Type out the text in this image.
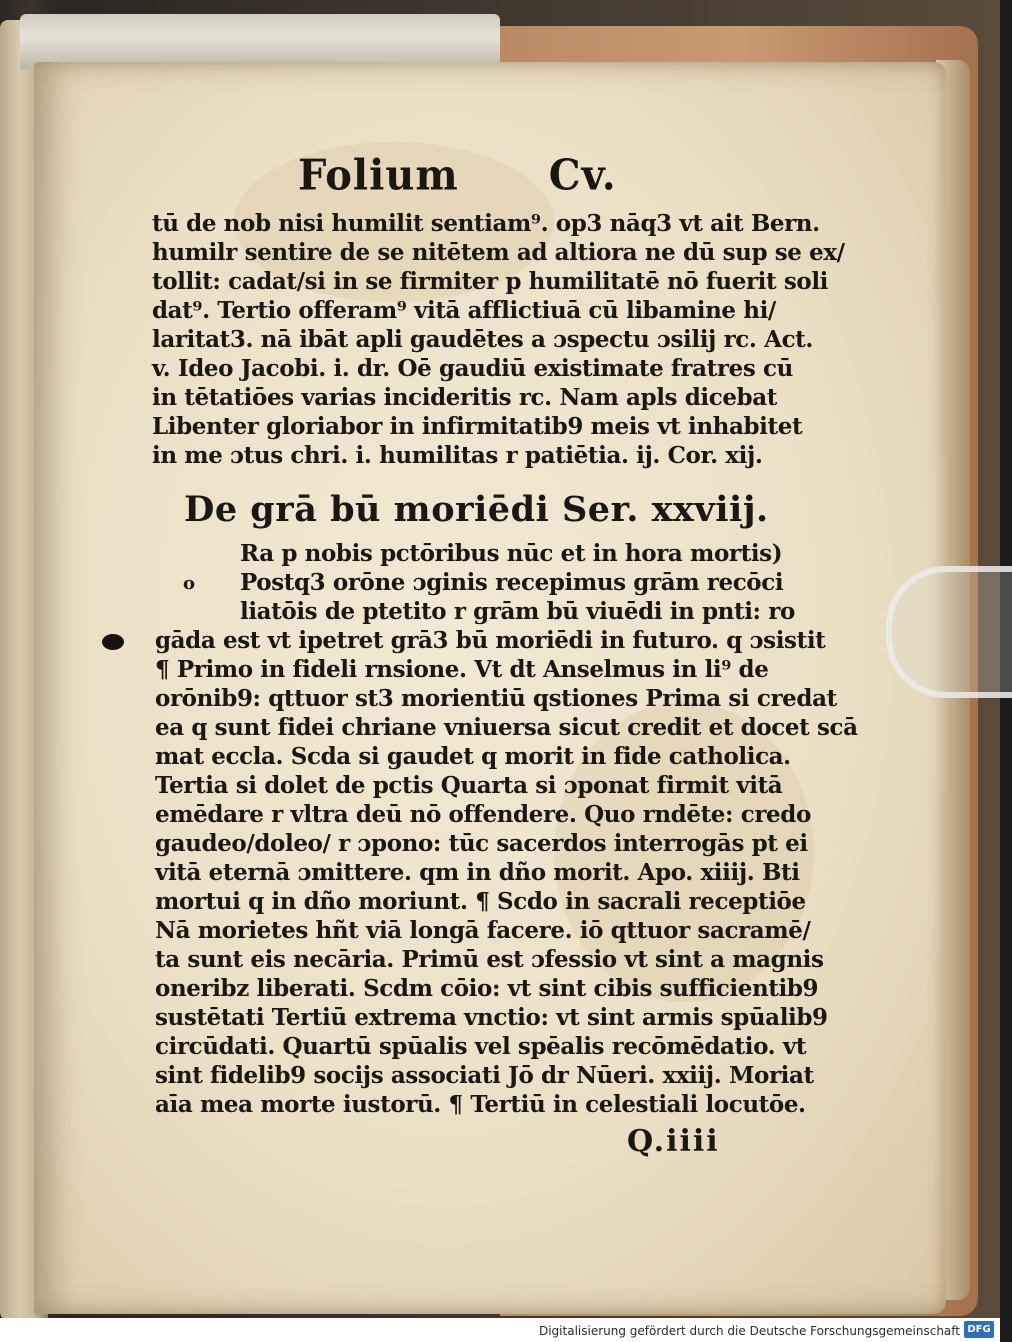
Folium Cv.
tū de nob nisi humilit sentiam⁹. op3 nāq3 vt ait Bern.
humilr sentire de se nitētem ad altiora ne dū sup se ex/
tollit: cadat/si in se firmiter p humilitatē nō fuerit soli
dat⁹. Tertio offeram⁹ vitā afflictiuā cū libamine hi/
laritat3. nā ibāt apli gaudētes a ɔspectu ɔsilij rc. Act.
v. Ideo Jacobi. i. dr. Oē gaudiū existimate fratres cū
in tētatiōes varias incideritis rc. Nam apls dicebat
Libenter gloriabor in infirmitatib9 meis vt inhabitet
in me ɔtus chri. i. humilitas r patiētia. ij. Cor. xij.
De grā bū moriēdi Ser. xxviij.
o
Ra p nobis pctōribus nūc et in hora mortis)
Postq3 orōne ɔginis recepimus grām recōci
liatōis de ptetito r grām bū viuēdi in pnti: ro
gāda est vt ipetret grā3 bū moriēdi in futuro. q ɔsistit
¶ Primo in fideli rnsione. Vt dt Anselmus in li⁹ de
orōnib9: qttuor st3 morientiū qstiones Prima si credat
ea q sunt fidei chriane vniuersa sicut credit et docet scā
mat eccla. Scda si gaudet q morit in fide catholica.
Tertia si dolet de pctis Quarta si ɔponat firmit vitā
emēdare r vltra deū nō offendere. Quo rndēte: credo
gaudeo/doleo/ r ɔpono: tūc sacerdos interrogās pt ei
vitā eternā ɔmittere. qm in dño morit. Apo. xiiij. Bti
mortui q in dño moriunt. ¶ Scdo in sacrali receptiōe
Nā morietes hñt viā longā facere. iō qttuor sacramē/
ta sunt eis necāria. Primū est ɔfessio vt sint a magnis
oneribz liberati. Scdm cōio: vt sint cibis sufficientib9
sustētati Tertiū extrema vnctio: vt sint armis spūalib9
circūdati. Quartū spūalis vel spēalis recōmēdatio. vt
sint fidelib9 socijs associati Jō dr Nūeri. xxiij. Moriat
aīa mea morte iustorū. ¶ Tertiū in celestiali locutōe.
Q.iiii
Digitalisierung gefördert durch die Deutsche Forschungsgemeinschaft DFG
